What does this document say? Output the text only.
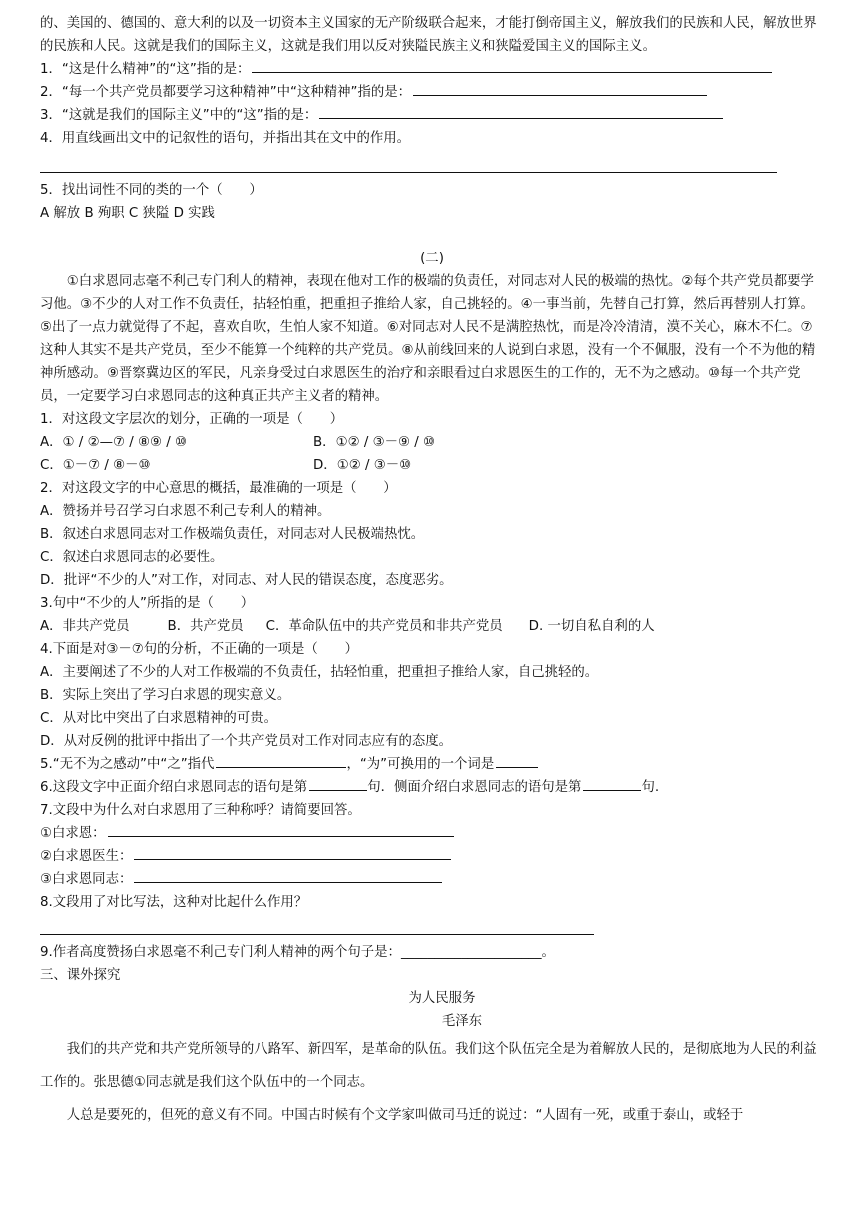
的、美国的、德国的、意大利的以及一切资本主义国家的无产阶级联合起来，才能打倒帝国主义，解放我们的民族和人民，解放世界的民族和人民。这就是我们的国际主义，这就是我们用以反对狭隘民族主义和狭隘爱国主义的国际主义。

1．“这是什么精神”的“这”指的是：
2．“每一个共产党员都要学习这种精神”中“这种精神”指的是：
3．“这就是我们的国际主义”中的“这”指的是：
4．用直线画出文中的记叙性的语句，并指出其在文中的作用。
5．找出词性不同的类的一个（　　）
A 解放 B 殉职 C 狭隘 D 实践
(二)

①白求恩同志毫不利己专门利人的精神，表现在他对工作的极端的负责任，对同志对人民的极端的热忱。②每个共产党员都要学习他。③不少的人对工作不负责任，拈轻怕重，把重担子推给人家，自己挑轻的。④一事当前，先替自己打算，然后再替别人打算。⑤出了一点力就觉得了不起，喜欢自吹，生怕人家不知道。⑥对同志对人民不是满腔热忱，而是冷冷清清，漠不关心，麻木不仁。⑦这种人其实不是共产党员，至少不能算一个纯粹的共产党员。⑧从前线回来的人说到白求恩，没有一个不佩服，没有一个不为他的精神所感动。⑨晋察冀边区的军民，凡亲身受过白求恩医生的治疗和亲眼看过白求恩医生的工作的，无不为之感动。⑩每一个共产党员，一定要学习白求恩同志的这种真正共产主义者的精神。

1．对这段文字层次的划分，正确的一项是（　　）
A．① / ②—⑦ / ⑧⑨ / ⑩	B．①② / ③－⑨ / ⑩
C．①－⑦ / ⑧－⑩	D．①② / ③－⑩
2．对这段文字的中心意思的概括，最准确的一项是（　　）
A．赞扬并号召学习白求恩不利己专利人的精神。
B．叙述白求恩同志对工作极端负责任，对同志对人民极端热忱。
C．叙述白求恩同志的必要性。
D．批评“不少的人”对工作，对同志、对人民的错误态度，态度恶劣。
3.句中“不少的人”所指的是（　　）
A．非共产党员	B．共产党员 C．革命队伍中的共产党员和非共产党员 D. 一切自私自利的人
4.下面是对③－⑦句的分析，不正确的一项是（　　）
A．主要阐述了不少的人对工作极端的不负责任，拈轻怕重，把重担子推给人家，自己挑轻的。
B．实际上突出了学习白求恩的现实意义。
C．从对比中突出了白求恩精神的可贵。
D．从对反例的批评中指出了一个共产党员对工作对同志应有的态度。
5.“无不为之感动”中“之”指代	，“为”可换用的一个词是
6.这段文字中正面介绍白求恩同志的语句是第	句．侧面介绍白求恩同志的语句是第	句.
7.文段中为什么对白求恩用了三种称呼？请简要回答。
①白求恩：
②白求恩医生：
③白求恩同志：
8.文段用了对比写法，这种对比起什么作用？
9.作者高度赞扬白求恩毫不利己专门利人精神的两个句子是：_____________________。
三、课外探究
为人民服务
毛泽东

我们的共产党和共产党所领导的八路军、新四军，是革命的队伍。我们这个队伍完全是为着解放人民的，是彻底地为人民的利益工作的。张思德①同志就是我们这个队伍中的一个同志。

人总是要死的，但死的意义有不同。中国古时候有个文学家叫做司马迁的说过：“人固有一死，或重于泰山，或轻于
